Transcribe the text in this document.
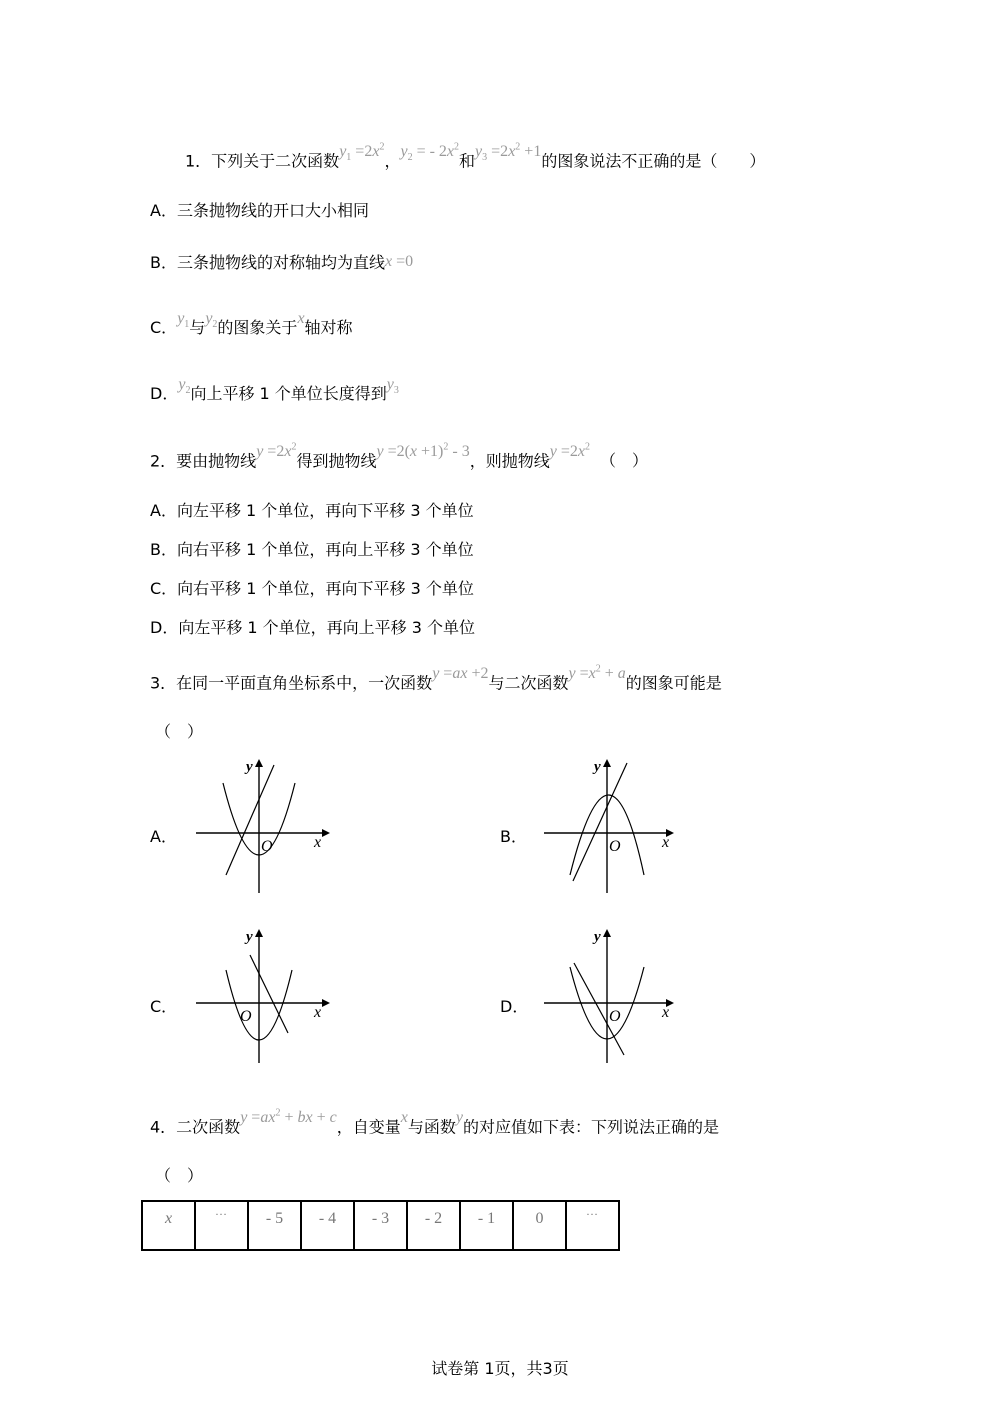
1．下列关于二次函数$y_1 =2x^2$，$y_2$ = - $2x^2$和$y_3 =2x^2 +1$的图象说法不正确的是（　　）
A．三条抛物线的开口大小相同
B．三条抛物线的对称轴均为直线x =0
C．$y_1$与$y_2$的图象关于x轴对称
D．$y_2$向上平移 1 个单位长度得到$y_3$
2．要由抛物线$y =2x^2$得到抛物线$y =2(x +1)^2 - 3$，则抛物线$y =2x^2$（　）
A．向左平移 1 个单位，再向下平移 3 个单位
B．向右平移 1 个单位，再向上平移 3 个单位
C．向右平移 1 个单位，再向下平移 3 个单位
D．向左平移 1 个单位，再向上平移 3 个单位
3．在同一平面直角坐标系中，一次函数y =ax +2与二次函数$y =x^2 + a$的图象可能是
（　）
A．	B．
C．	D．
y
x
O
y
x
O
y
x
O
y
x
O
4．二次函数$y =ax^2$ + bx + c，自变量x与函数y的对应值如下表：下列说法正确的是
（　）
x	…	- 5	- 4	- 3	- 2	- 1	0	…
试卷第 1页，共3页
